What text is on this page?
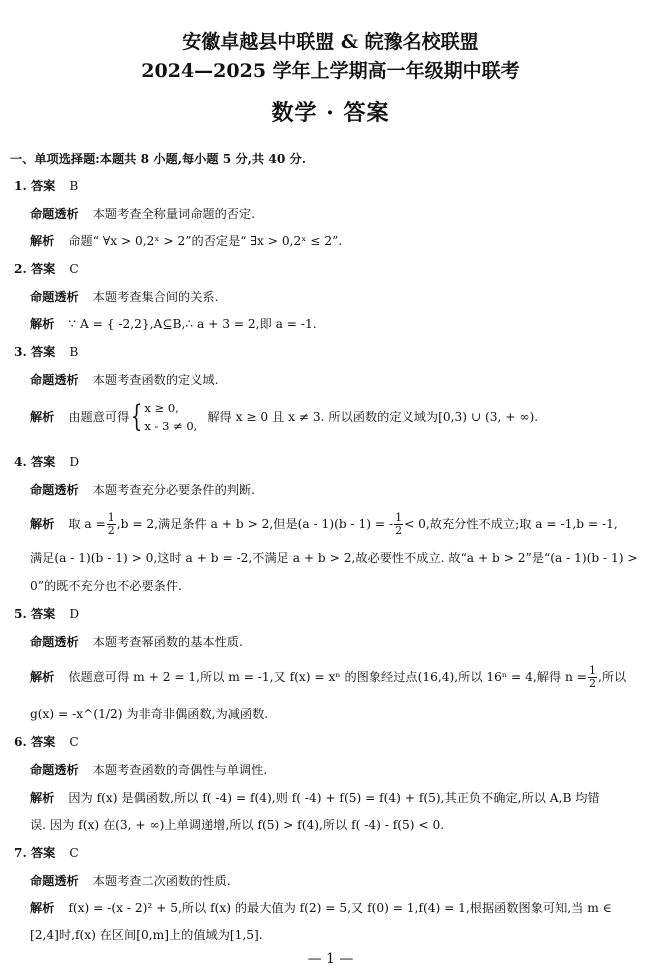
安徽卓越县中联盟 & 皖豫名校联盟
2024—2025 学年上学期高一年级期中联考
数学 · 答案
一、单项选择题:本题共 8 小题,每小题 5 分,共 40 分.
1. 答案 B
命题透析 本题考查全称量词命题的否定.
解析 命题“ ∀x > 0,2ˣ > 2”的否定是“ ∃x > 0,2ˣ ≤ 2”.
2. 答案 C
命题透析 本题考查集合间的关系.
解析 ∵ A = { -2,2},A⊆B,∴ a + 3 = 2,即 a = -1.
3. 答案 B
命题透析 本题考查函数的定义域.
解析 由题意可得{ x ≥ 0,
x - 3 ≠ 0,
解得 x ≥ 0 且 x ≠ 3. 所以函数的定义域为[0,3) ∪ (3, + ∞).
4. 答案 D
命题透析 本题考查充分必要条件的判断.
解析 取 $a = \frac{1}{2} ,b = 2$,满足条件 a + b > 2,但是(a - 1)(b - 1) = - $\frac{1}{2} < 0$,故充分性不成立;取 a = -1,b = -1,
满足(a - 1)(b - 1) > 0,这时 a + b = -2,不满足 a + b > 2,故必要性不成立. 故“a + b > 2”是“(a - 1)(b - 1) >
0”的既不充分也不必要条件.
5. 答案 D
命题透析 本题考查幂函数的基本性质.
解析 依题意可得 m + 2 = 1,所以 m = -1,又 f(x) = xⁿ 的图象经过点(16,4),所以 16ⁿ = 4,解得 $n = \frac{1}{2}$ ,所以
g(x) = -x^(1/2) 为非奇非偶函数,为减函数.
6. 答案 C
命题透析 本题考查函数的奇偶性与单调性.
解析 因为 f(x) 是偶函数,所以 f( -4) = f(4),则 f( -4) + f(5) = f(4) + f(5),其正负不确定,所以 A,B 均错
误. 因为 f(x) 在(3, + ∞)上单调递增,所以 f(5) > f(4),所以 f( -4) - f(5) < 0.
7. 答案 C
命题透析 本题考查二次函数的性质.
解析 f(x) = -(x - 2)² + 5,所以 f(x) 的最大值为 f(2) = 5,又 f(0) = 1,f(4) = 1,根据函数图象可知,当 m ∈
[2,4]时,f(x) 在区间[0,m]上的值域为[1,5].
— 1 —
